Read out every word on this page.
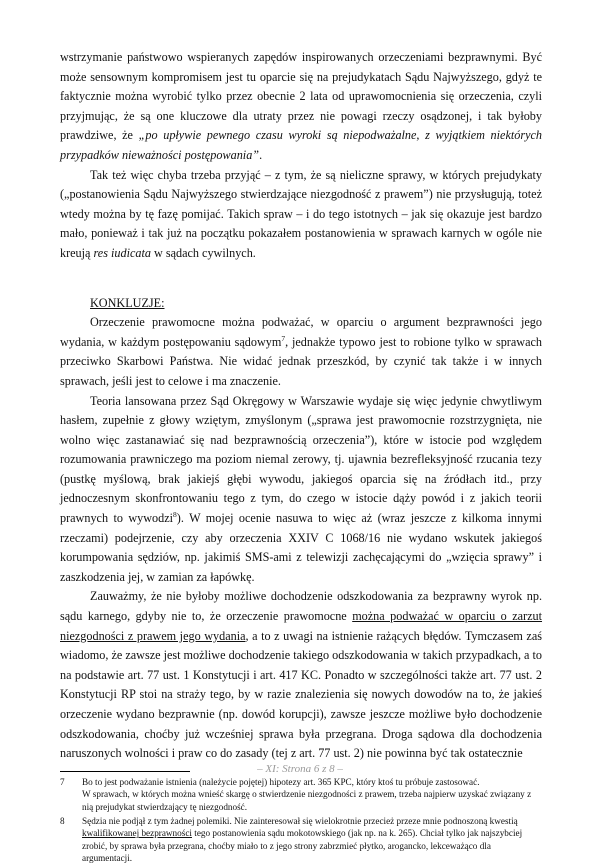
wstrzymanie państwowo wspieranych zapędów inspirowanych orzeczeniami bezprawnymi. Być może sensownym kompromisem jest tu oparcie się na prejudykatach Sądu Najwyższego, gdyż te faktycznie można wyrobić tylko przez obecnie 2 lata od uprawomocnienia się orzeczenia, czyli przyjmując, że są one kluczowe dla utraty przez nie powagi rzeczy osądzonej, i tak byłoby prawdziwe, że „po upływie pewnego czasu wyroki są niepodważalne, z wyjątkiem niektórych przypadków nieważności postępowania”.

Tak też więc chyba trzeba przyjąć – z tym, że są nieliczne sprawy, w których prejudykaty („postanowienia Sądu Najwyższego stwierdzające niezgodność z prawem”) nie przysługują, toteż wtedy można by tę fazę pomijać. Takich spraw – i do tego istotnych – jak się okazuje jest bardzo mało, ponieważ i tak już na początku pokazałem postanowienia w sprawach karnych w ogóle nie kreują res iudicata w sądach cywilnych.

KONKLUZJE:

Orzeczenie prawomocne można podważać, w oparciu o argument bezprawności jego wydania, w każdym postępowaniu sądowym$^7$, jednakże typowo jest to robione tylko w sprawach przeciwko Skarbowi Państwa. Nie widać jednak przeszkód, by czynić tak także i w innych sprawach, jeśli jest to celowe i ma znaczenie.

Teoria lansowana przez Sąd Okręgowy w Warszawie wydaje się więc jedynie chwytliwym hasłem, zupełnie z głowy wziętym, zmyślonym („sprawa jest prawomocnie rozstrzygnięta, nie wolno więc zastanawiać się nad bezprawnością orzeczenia”), które w istocie pod względem rozumowania prawniczego ma poziom niemal zerowy, tj. ujawnia bezrefleksyjność rzucania tezy (pustkę myślową, brak jakiejś głębi wywodu, jakiegoś oparcia się na źródłach itd., przy jednoczesnym skonfrontowaniu tego z tym, do czego w istocie dąży powód i z jakich teorii prawnych to wywodzi$^8$). W mojej ocenie nasuwa to więc aż (wraz jeszcze z kilkoma innymi rzeczami) podejrzenie, czy aby orzeczenia XXIV C 1068/16 nie wydano wskutek jakiegoś korumpowania sędziów, np. jakimiś SMS-ami z telewizji zachęcającymi do „wzięcia sprawy” i zaszkodzenia jej, w zamian za łapówkę.

Zauważmy, że nie byłoby możliwe dochodzenie odszkodowania za bezprawny wyrok np. sądu karnego, gdyby nie to, że orzeczenie prawomocne można podważać w oparciu o zarzut niezgodności z prawem jego wydania, a to z uwagi na istnienie rażących błędów. Tymczasem zaś wiadomo, że zawsze jest możliwe dochodzenie takiego odszkodowania w takich przypadkach, a to na podstawie art. 77 ust. 1 Konstytucji i art. 417 KC. Ponadto w szczególności także art. 77 ust. 2 Konstytucji RP stoi na straży tego, by w razie znalezienia się nowych dowodów na to, że jakieś orzeczenie wydano bezprawnie (np. dowód korupcji), zawsze jeszcze możliwe było dochodzenie odszkodowania, choćby już wcześniej sprawa była przegrana. Droga sądowa dla dochodzenia naruszonych wolności i praw co do zasady (tej z art. 77 ust. 2) nie powinna być tak ostatecznie

7	Bo to jest podważanie istnienia (należycie pojętej) hipotezy art. 365 KPC, który ktoś tu próbuje zastosować.
W sprawach, w których można wnieść skargę o stwierdzenie niezgodności z prawem, trzeba najpierw uzyskać związany z nią prejudykat stwierdzający tę niezgodność.
8	Sędzia nie podjął z tym żadnej polemiki. Nie zainteresował się wielokrotnie przecież przeze mnie podnoszoną kwestią kwalifikowanej bezprawności tego postanowienia sądu mokotowskiego (jak np. na k. 265). Chciał tylko jak najszybciej zrobić, by sprawa była przegrana, choćby miało to z jego strony zabrzmieć płytko, arogancko, lekceważąco dla argumentacji.
– XI: Strona 6 z 8 –
